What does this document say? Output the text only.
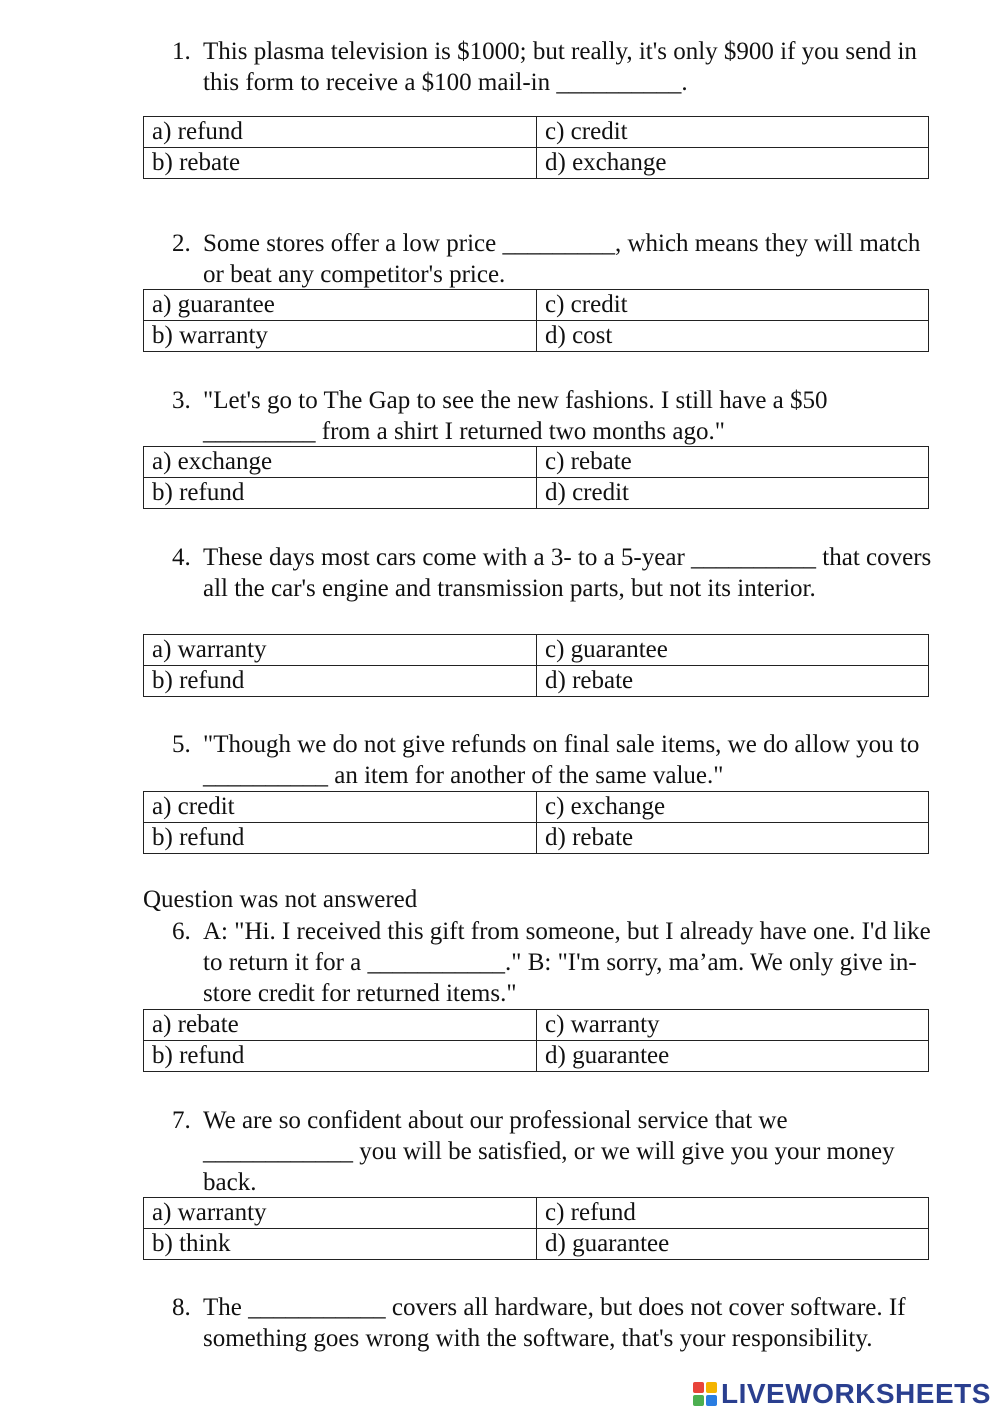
1. This plasma television is $1000; but really, it's only $900 if you send in this form to receive a $100 mail-in __________.
a) refund	c) credit
b) rebate	d) exchange
2. Some stores offer a low price _________, which means they will match or beat any competitor's price.
a) guarantee	c) credit
b) warranty	d) cost
3. "Let's go to The Gap to see the new fashions. I still have a $50 _________ from a shirt I returned two months ago."
a) exchange	c) rebate
b) refund	d) credit
4. These days most cars come with a 3- to a 5-year __________ that covers all the car's engine and transmission parts, but not its interior.
a) warranty	c) guarantee
b) refund	d) rebate
5. "Though we do not give refunds on final sale items, we do allow you to __________ an item for another of the same value."
a) credit	c) exchange
b) refund	d) rebate
Question was not answered
6. A: "Hi. I received this gift from someone, but I already have one. I'd like to return it for a ___________." B: "I'm sorry, ma’am. We only give in-store credit for returned items."
a) rebate	c) warranty
b) refund	d) guarantee
7. We are so confident about our professional service that we ____________ you will be satisfied, or we will give you your money back.
a) warranty	c) refund
b) think	d) guarantee
8. The ___________ covers all hardware, but does not cover software. If something goes wrong with the software, that's your responsibility.
LIVEWORKSHEETS
